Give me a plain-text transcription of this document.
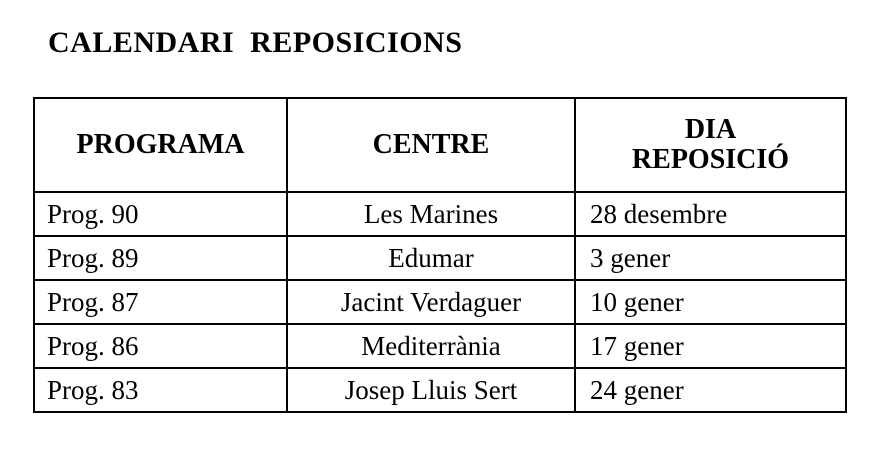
CALENDARI  REPOSICIONS
PROGRAMA	CENTRE	DIA
REPOSICIÓ

Prog. 90	Les Marines	28 desembre
Prog. 89	Edumar	3 gener
Prog. 87	Jacint Verdaguer	10 gener
Prog. 86	Mediterrània	17 gener
Prog. 83	Josep Lluis Sert	24 gener
